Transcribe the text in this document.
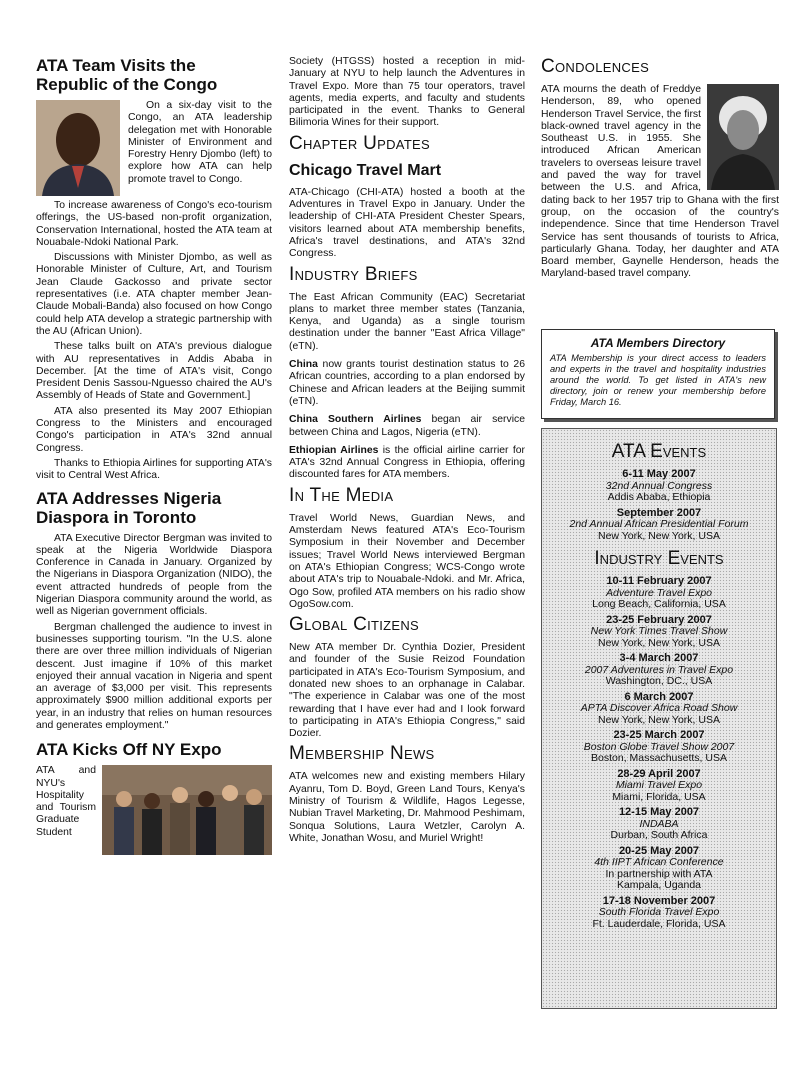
ATA Team Visits the Republic of the Congo

On a six-day visit to the Congo, an ATA leadership delegation met with Honorable Minister of Environment and Forestry Henry Djombo (left) to explore how ATA can help promote travel to Congo.

To increase awareness of Congo's eco-tourism offerings, the US-based non-profit organization, Conservation International, hosted the ATA team at Nouabale-Ndoki National Park.

Discussions with Minister Djombo, as well as Honorable Minister of Culture, Art, and Tourism Jean Claude Gackosso and private sector representatives (i.e. ATA chapter member Jean-Claude Mobali-Banda) also focused on how Congo could help ATA develop a strategic partnership with the AU (African Union).

These talks built on ATA's previous dialogue with AU representatives in Addis Ababa in December. [At the time of ATA's visit, Congo President Denis Sassou-Nguesso chaired the AU's Assembly of Heads of State and Government.]

ATA also presented its May 2007 Ethiopian Congress to the Ministers and encouraged Congo's participation in ATA's 32nd annual Congress.

Thanks to Ethiopia Airlines for supporting ATA's visit to Central West Africa.

ATA Addresses Nigeria Diaspora in Toronto

ATA Executive Director Bergman was invited to speak at the Nigeria Worldwide Diaspora Conference in Canada in January. Organized by the Nigerians in Diaspora Organization (NIDO), the event attracted hundreds of people from the Nigerian Diaspora community around the world, as well as Nigerian government officials.

Bergman challenged the audience to invest in businesses supporting tourism. "In the U.S. alone there are over three million individuals of Nigerian descent. Just imagine if 10% of this market enjoyed their annual vacation in Nigeria and spent an average of $3,000 per visit. This represents approximately $900 million additional exports per year, in an industry that relies on human resources and generates employment."

ATA Kicks Off NY Expo

ATA and NYU's Hospitality and Tourism Graduate Student

Society (HTGSS) hosted a reception in mid-January at NYU to help launch the Adventures in Travel Expo. More than 75 tour operators, travel agents, media experts, and faculty and students participated in the event. Thanks to General Bilimoria Wines for their support.

Chapter Updates
Chicago Travel Mart

ATA-Chicago (CHI-ATA) hosted a booth at the Adventures in Travel Expo in January. Under the leadership of CHI-ATA President Chester Spears, visitors learned about ATA membership benefits, Africa's travel destinations, and ATA's 32nd Congress.

Industry Briefs

The East African Community (EAC) Secretariat plans to market three member states (Tanzania, Kenya, and Uganda) as a single tourism destination under the banner "East Africa Village" (eTN).

China now grants tourist destination status to 26 African countries, according to a plan endorsed by Chinese and African leaders at the Beijing summit (eTN).

China Southern Airlines began air service between China and Lagos, Nigeria (eTN).

Ethiopian Airlines is the official airline carrier for ATA's 32nd Annual Congress in Ethiopia, offering discounted fares for ATA members.

In The Media

Travel World News, Guardian News, and Amsterdam News featured ATA's Eco-Tourism Symposium in their November and December issues; Travel World News interviewed Bergman on ATA's Ethiopian Congress; WCS-Congo wrote about ATA's trip to Nouabale-Ndoki. and Mr. Africa, Ogo Sow, profiled ATA members on his radio show OgoSow.com.

Global Citizens

New ATA member Dr. Cynthia Dozier, President and founder of the Susie Reizod Foundation participated in ATA's Eco-Tourism Symposium, and donated new shoes to an orphanage in Calabar. "The experience in Calabar was one of the most rewarding that I have ever had and I look forward to participating in ATA's Ethiopia Congress," said Dozier.

Membership News

ATA welcomes new and existing members Hilary Ayanru, Tom D. Boyd, Green Land Tours, Kenya's Ministry of Tourism & Wildlife, Hagos Legesse, Nubian Travel Marketing, Dr. Mahmood Peshimam, Sonqua Solutions, Laura Wetzler, Carolyn A. White, Jonathan Wosu, and Muriel Wright!

Condolences

ATA mourns the death of Freddye Henderson, 89, who opened Henderson Travel Service, the first black-owned travel agency in the Southeast U.S. in 1955. She introduced African American travelers to overseas leisure travel and paved the way for travel between the U.S. and Africa, dating back to her 1957 trip to Ghana with the first group, on the occasion of the country's independence. Since that time Henderson Travel Service has sent thousands of tourists to Africa, particularly Ghana. Today, her daughter and ATA Board member, Gaynelle Henderson, heads the Maryland-based travel company.

ATA Members Directory
ATA Membership is your direct access to leaders and experts in the travel and hospitality industries around the world. To get listed in ATA's new directory, join or renew your membership before Friday, March 16.
ATA Events
6-11 May 2007
32nd Annual Congress
Addis Ababa, Ethiopia
September 2007
2nd Annual African Presidential Forum
New York, New York, USA
Industry Events
10-11 February 2007
Adventure Travel Expo
Long Beach, California, USA
23-25 February 2007
New York Times Travel Show
New York, New York, USA
3-4 March 2007
2007 Adventures in Travel Expo
Washington, DC., USA
6 March 2007
APTA Discover Africa Road Show
New York, New York, USA
23-25 March 2007
Boston Globe Travel Show 2007
Boston, Massachusetts, USA
28-29 April 2007
Miami Travel Expo
Miami, Florida, USA
12-15 May 2007
INDABA
Durban, South Africa
20-25 May 2007
4th IIPT African Conference
In partnership with ATA
Kampala, Uganda
17-18 November 2007
South Florida Travel Expo
Ft. Lauderdale, Florida, USA
